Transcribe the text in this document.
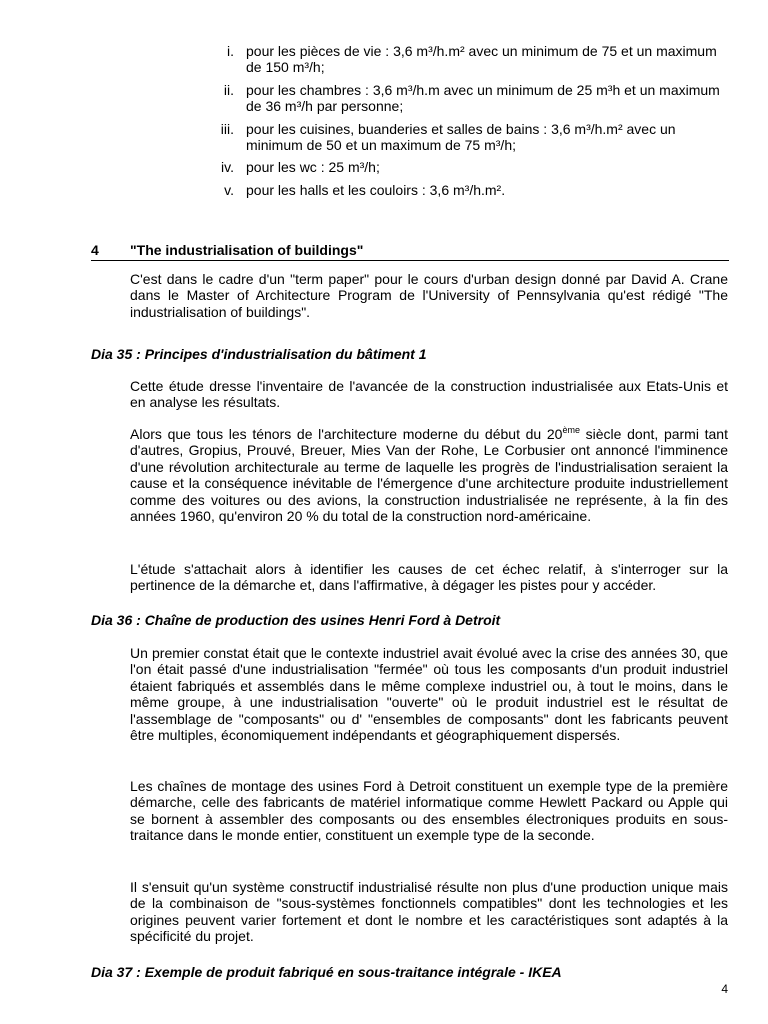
i. pour les pièces de vie : 3,6 m³/h.m² avec un minimum de 75 et un maximum de 150 m³/h;
ii. pour les chambres : 3,6 m³/h.m avec un minimum de 25 m³h et un maximum de 36 m³/h par personne;
iii. pour les cuisines, buanderies et salles de bains : 3,6 m³/h.m² avec un minimum de 50 et un maximum de 75 m³/h;
iv. pour les wc : 25 m³/h;
v. pour les halls et les couloirs : 3,6 m³/h.m².
4 "The industrialisation of buildings"

C'est dans le cadre d'un "term paper" pour le cours d'urban design donné par David A. Crane dans le Master of Architecture Program de l'University of Pennsylvania qu'est rédigé "The industrialisation of buildings".

Dia 35 : Principes d'industrialisation du bâtiment 1

Cette étude dresse l'inventaire de l'avancée de la construction industrialisée aux Etats-Unis et en analyse les résultats.

Alors que tous les ténors de l'architecture moderne du début du 20ème siècle dont, parmi tant d'autres, Gropius, Prouvé, Breuer, Mies Van der Rohe, Le Corbusier ont annoncé l'imminence d'une révolution architecturale au terme de laquelle les progrès de l'industrialisation seraient la cause et la conséquence inévitable de l'émergence d'une architecture produite industriellement comme des voitures ou des avions, la construction industrialisée ne représente, à la fin des années 1960, qu'environ 20 % du total de la construction nord-américaine.

L'étude s'attachait alors à identifier les causes de cet échec relatif, à s'interroger sur la pertinence de la démarche et, dans l'affirmative, à dégager les pistes pour y accéder.

Dia 36 : Chaîne de production des usines Henri Ford à Detroit

Un premier constat était que le contexte industriel avait évolué avec la crise des années 30, que l'on était passé d'une industrialisation "fermée" où tous les composants d'un produit industriel étaient fabriqués et assemblés dans le même complexe industriel ou, à tout le moins, dans le même groupe, à une industrialisation "ouverte" où le produit industriel est le résultat de l'assemblage de "composants" ou d' "ensembles de composants" dont les fabricants peuvent être multiples, économiquement indépendants et géographiquement dispersés.

Les chaînes de montage des usines Ford à Detroit constituent un exemple type de la première démarche, celle des fabricants de matériel informatique comme Hewlett Packard ou Apple qui se bornent à assembler des composants ou des ensembles électroniques produits en sous-traitance dans le monde entier, constituent un exemple type de la seconde.

Il s'ensuit qu'un système constructif industrialisé résulte non plus d'une production unique mais de la combinaison de "sous-systèmes fonctionnels compatibles" dont les technologies et les origines peuvent varier fortement et dont le nombre et les caractéristiques sont adaptés à la spécificité du projet.

Dia 37 : Exemple de produit fabriqué en sous-traitance intégrale - IKEA
4
